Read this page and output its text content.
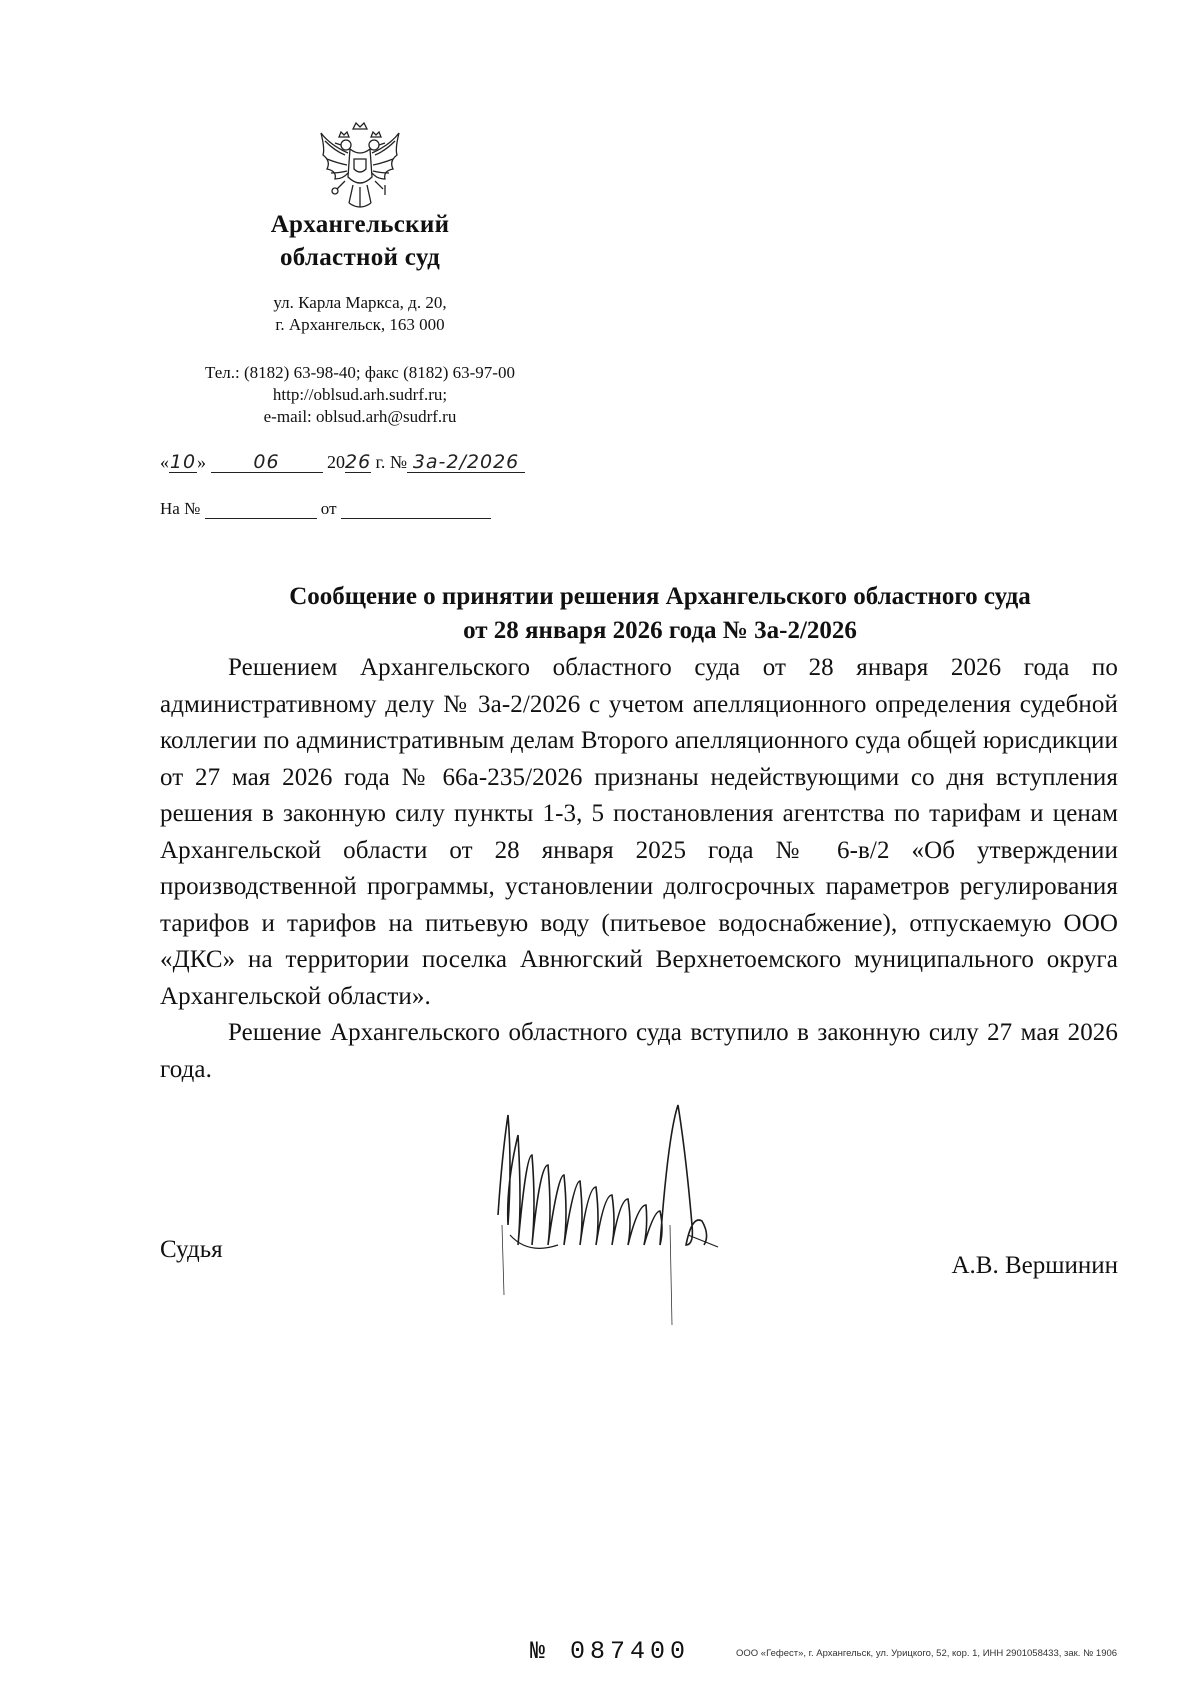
Архангельский
областной суд
ул. Карла Маркса, д. 20,
г. Архангельск, 163 000
Тел.: (8182) 63-98-40; факс (8182) 63-97-00
http://oblsud.arh.sudrf.ru;
e-mail: oblsud.arh@sudrf.ru
«10» 06	2026 г. № 3а-2/2026
На №	от
Сообщение о принятии решения Архангельского областного суда
от 28 января 2026 года № 3а-2/2026

Решением Архангельского областного суда от 28 января 2026 года по административному делу № 3а-2/2026 с учетом апелляционного определения судебной коллегии по административным делам Второго апелляционного суда общей юрисдикции от 27 мая 2026 года № 66а-235/2026 признаны недействующими со дня вступления решения в законную силу пункты 1-3, 5 постановления агентства по тарифам и ценам Архангельской области от 28 января 2025 года № 6-в/2 «Об утверждении производственной программы, установлении долгосрочных параметров регулирования тарифов и тарифов на питьевую воду (питьевое водоснабжение), отпускаемую ООО «ДКС» на территории поселка Авнюгский Верхнетоемского муниципального округа Архангельской области».

Решение Архангельского областного суда вступило в законную силу 27 мая 2026 года.

Судья
А.В. Вершинин
№ 087400	ООО «Гефест», г. Архангельск, ул. Урицкого, 52, кор. 1, ИНН 2901058433, зак. № 1906
